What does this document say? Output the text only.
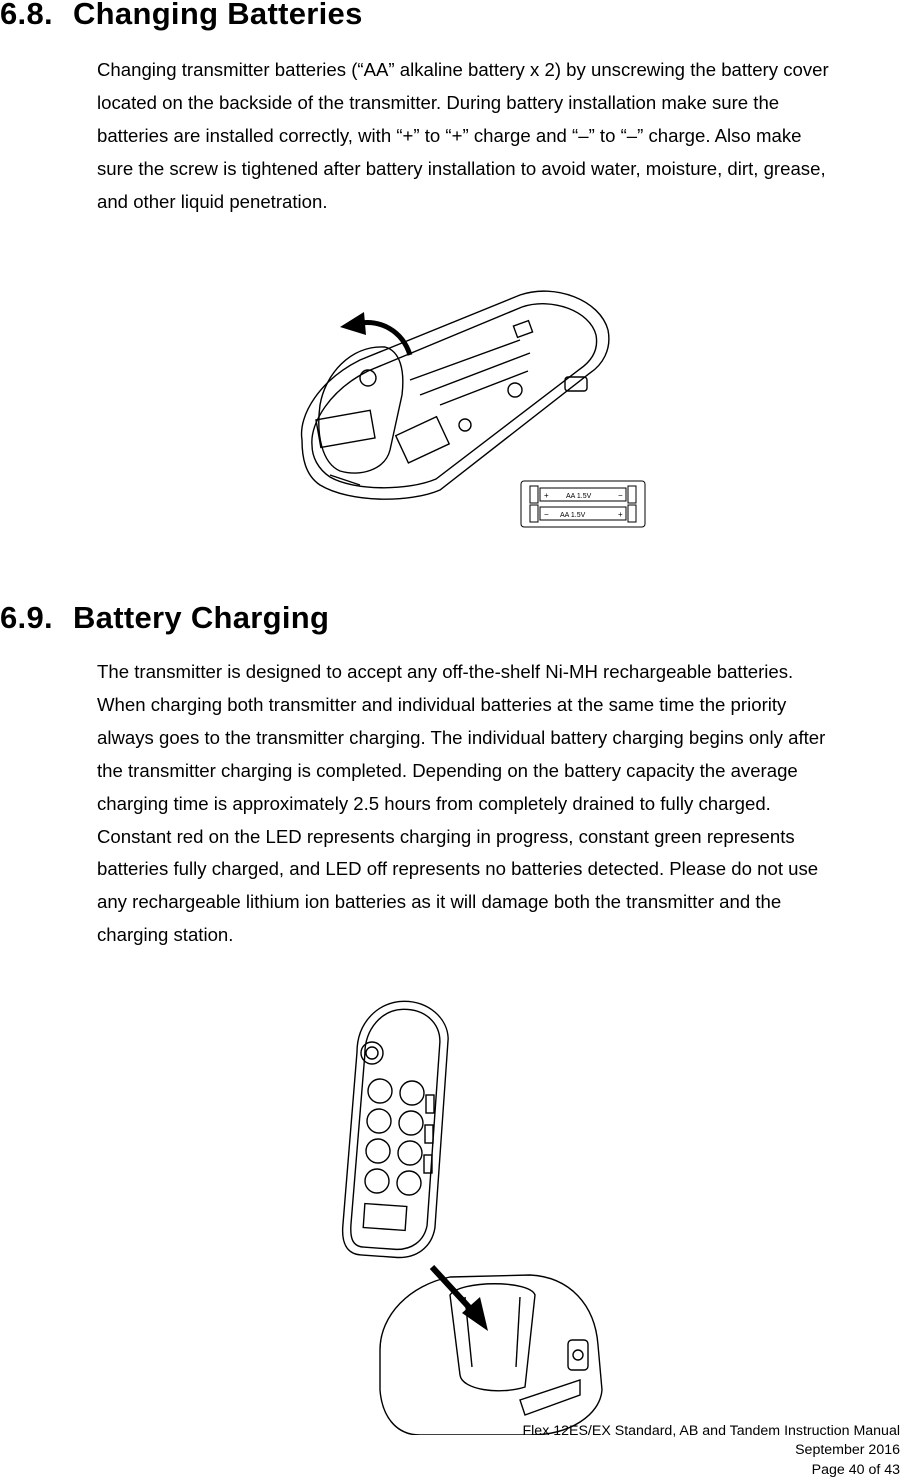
6.8. Changing Batteries

Changing transmitter batteries (“AA” alkaline battery x 2) by unscrewing the battery cover
located on the backside of the transmitter. During battery installation make sure the
batteries are installed correctly, with “+” to “+” charge and “–” to “–” charge. Also make
sure the screw is tightened after battery installation to avoid water, moisture, dirt, grease,
and other liquid penetration.

+	−
−	+
AA 1.5V
AA 1.5V
6.9. Battery Charging

The transmitter is designed to accept any off-the-shelf Ni-MH rechargeable batteries.
When charging both transmitter and individual batteries at the same time the priority
always goes to the transmitter charging. The individual battery charging begins only after
the transmitter charging is completed. Depending on the battery capacity the average
charging time is approximately 2.5 hours from completely drained to fully charged.
Constant red on the LED represents charging in progress, constant green represents
batteries fully charged, and LED off represents no batteries detected. Please do not use
any rechargeable lithium ion batteries as it will damage both the transmitter and the
charging station.

Flex 12ES/EX Standard, AB and Tandem Instruction Manual
September 2016
Page 40 of 43
